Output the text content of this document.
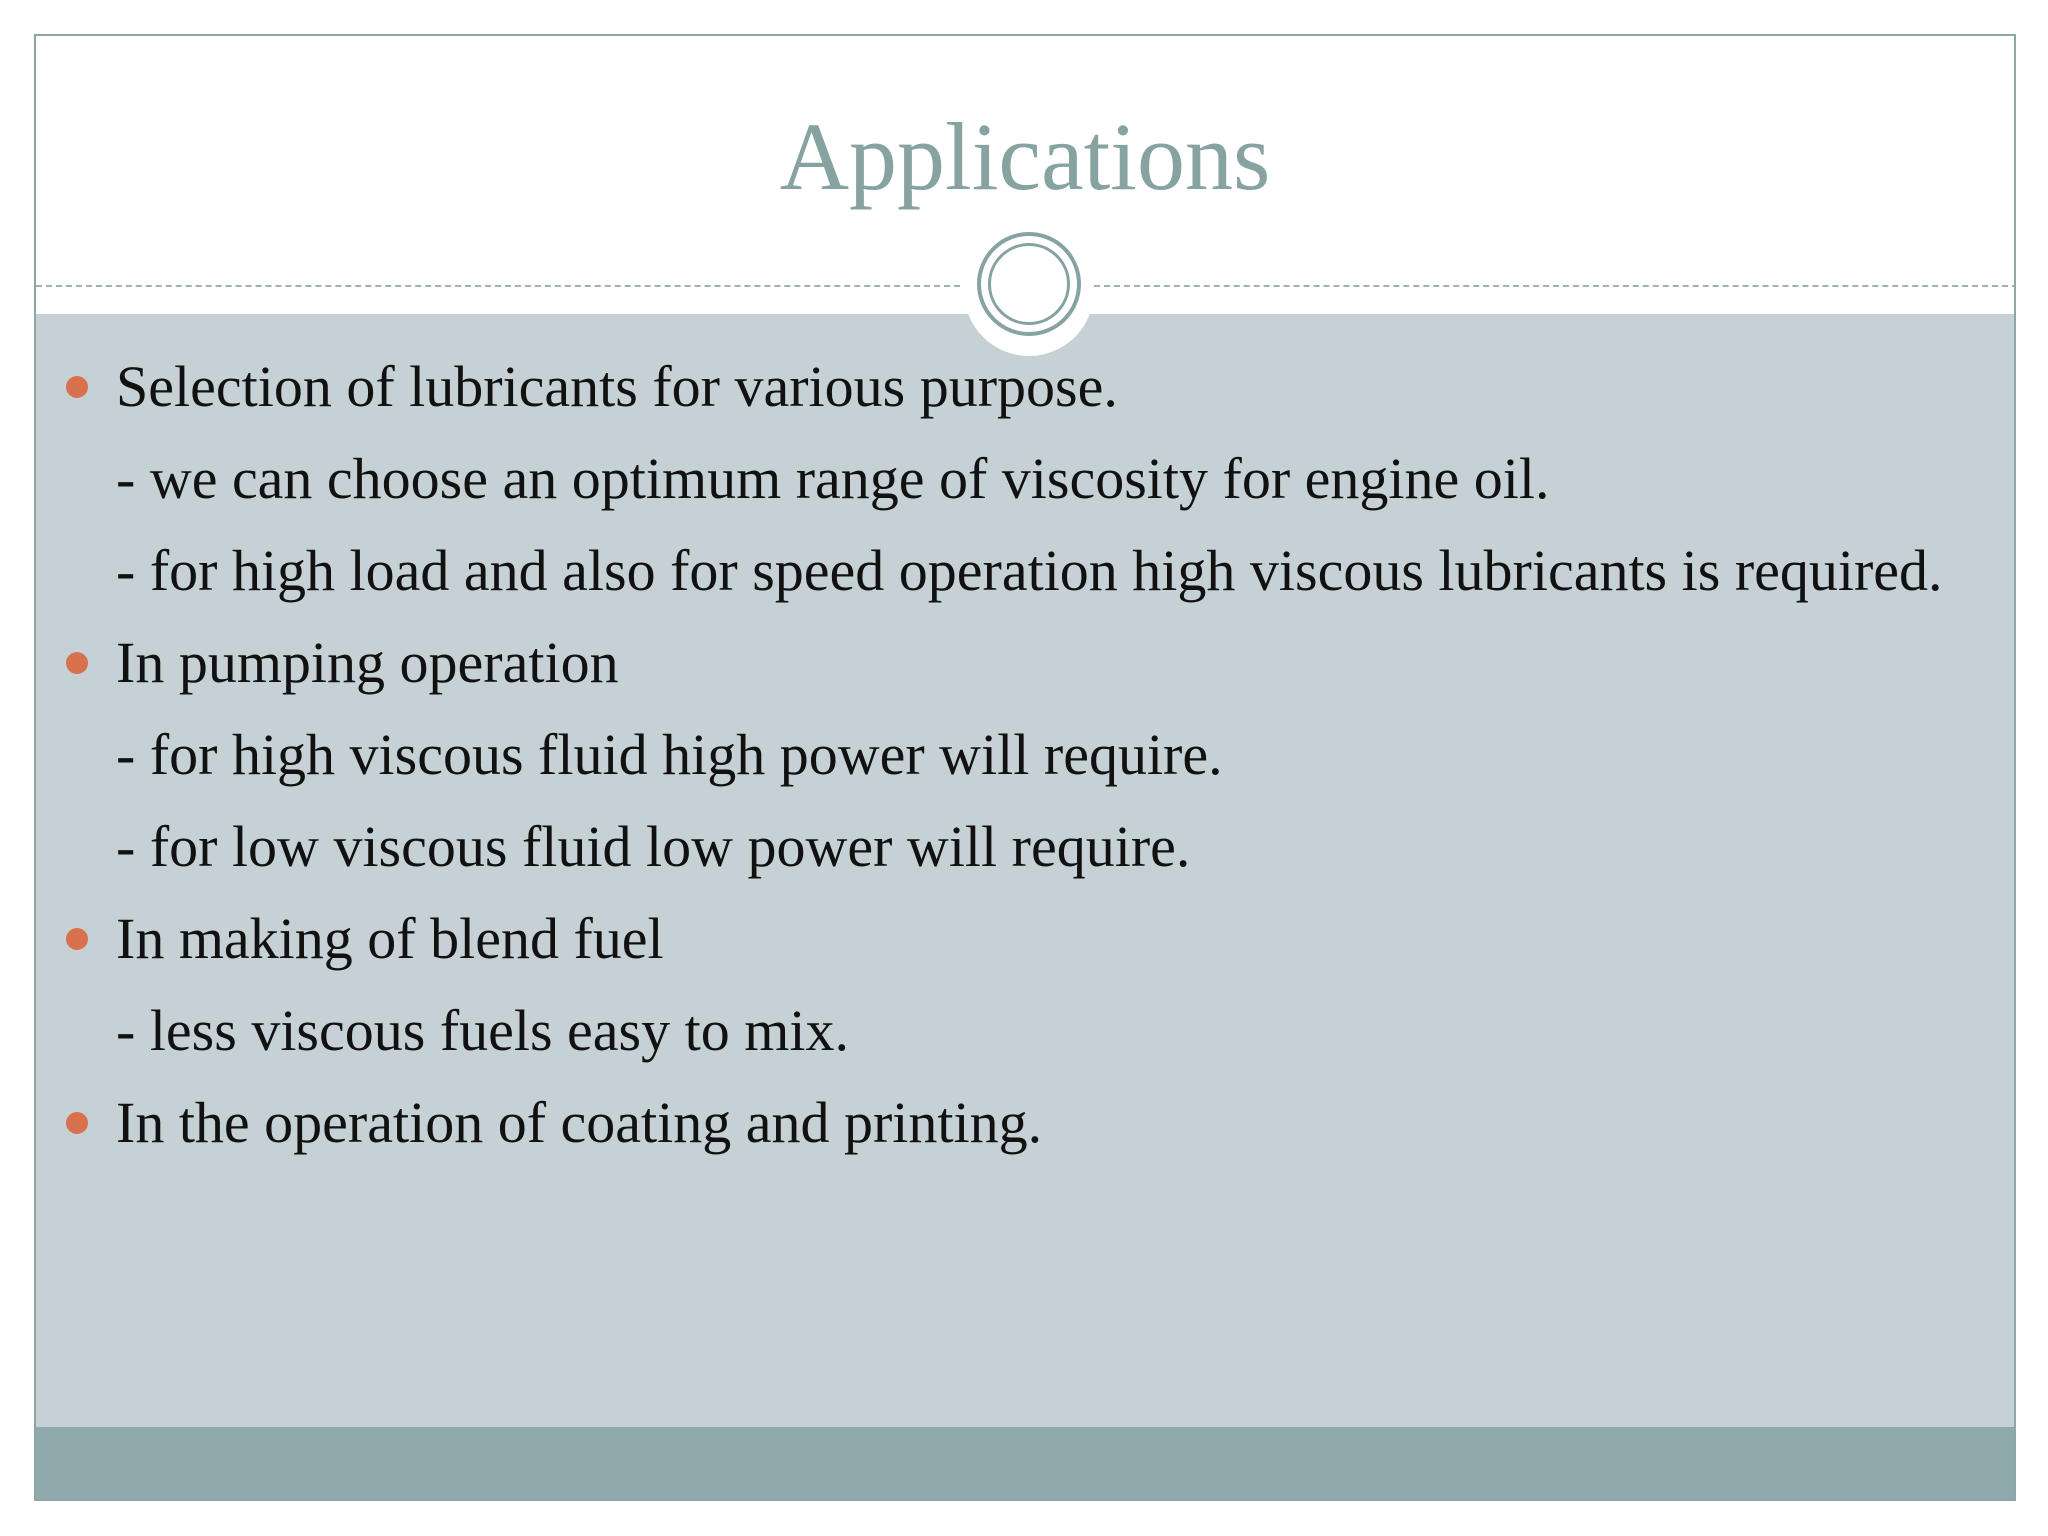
Applications
Selection of lubricants for various purpose.
- we can choose an optimum range of viscosity for engine oil.
- for high load and also for speed operation high viscous lubricants is required.
In pumping operation
- for high viscous fluid high power will require.
- for low viscous fluid low power will require.
In making of blend fuel
- less viscous fuels easy to mix.
In the operation of coating and printing.
